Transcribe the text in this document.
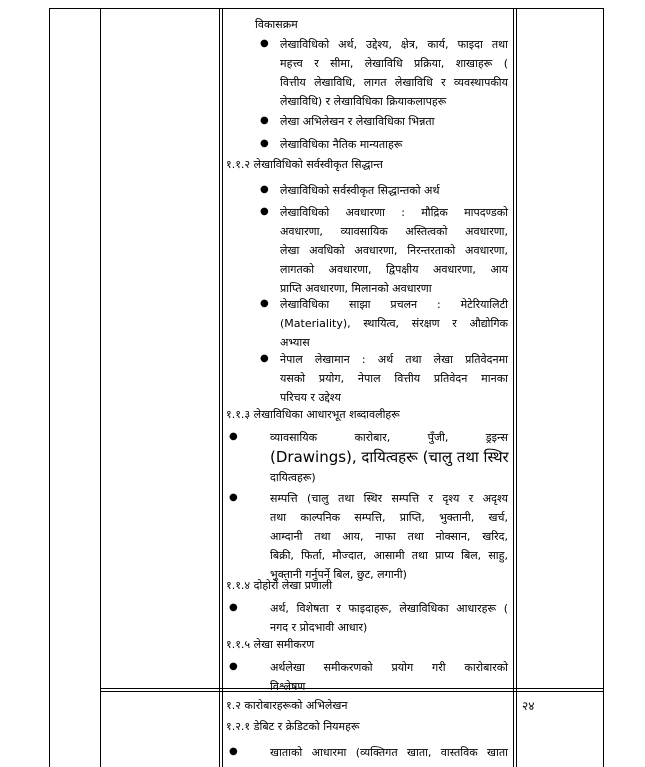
विकासक्रम
● लेखाविधिको अर्थ, उद्देश्य, क्षेत्र, कार्य, फाइदा तथा
महत्त्व र सीमा, लेखाविधि प्रक्रिया, शाखाहरू (
वित्तीय लेखाविधि, लागत लेखाविधि र व्यवस्थापकीय
लेखाविधि) र लेखाविधिका क्रियाकलापहरू
● लेखा अभिलेखन र लेखाविधिका भिन्नता
● लेखाविधिका नैतिक मान्यताहरू
१.१.२ लेखाविधिको सर्वस्वीकृत सिद्धान्त
● लेखाविधिको सर्वस्वीकृत सिद्धान्तको अर्थ
● लेखाविधिको अवधारणा : मौद्रिक मापदण्डको
अवधारणा, व्यावसायिक अस्तित्वको अवधारणा,
लेखा अवधिको अवधारणा, निरन्तरताको अवधारणा,
लागतको अवधारणा, द्विपक्षीय अवधारणा, आय
प्राप्ति अवधारणा, मिलानको अवधारणा
● लेखाविधिका साझा प्रचलन : मेटेरियालिटी
(Materiality), स्थायित्व, संरक्षण र औद्योगिक
अभ्यास
● नेपाल लेखामान : अर्थ तथा लेखा प्रतिवेदनमा
यसको प्रयोग, नेपाल वित्तीय प्रतिवेदन मानका
परिचय र उद्देश्य
१.१.३ लेखाविधिका आधारभूत शब्दावलीहरू
●	व्यावसायिक कारोबार, पुँजी, ड्रइन्स
(Drawings), दायित्वहरू (चालु तथा स्थिर
दायित्वहरू)
●	सम्पत्ति (चालु तथा स्थिर सम्पत्ति र दृश्य र अदृश्य
तथा काल्पनिक सम्पत्ति, प्राप्ति, भुक्तानी, खर्च,
आम्दानी तथा आय, नाफा तथा नोक्सान, खरिद,
बिक्री, फिर्ता, मौज्दात, आसामी तथा प्राप्य बिल, साहु,
भुक्तानी गर्नुपर्ने बिल, छुट, लगानी)
१.१.४ दोहोरो लेखा प्रणाली
●	अर्थ, विशेषता र फाइदाहरू, लेखाविधिका आधारहरू (
नगद र प्रोदभावी आधार)
१.१.५ लेखा समीकरण
●	अर्थलेखा समीकरणको प्रयोग गरी कारोबारको
विश्लेषण
१.२ कारोबारहरूको अभिलेखन	२४
१.२.१ डेबिट र क्रेडिटको नियमहरू
●	खाताको आधारमा (व्यक्तिगत खाता, वास्तविक खाता
